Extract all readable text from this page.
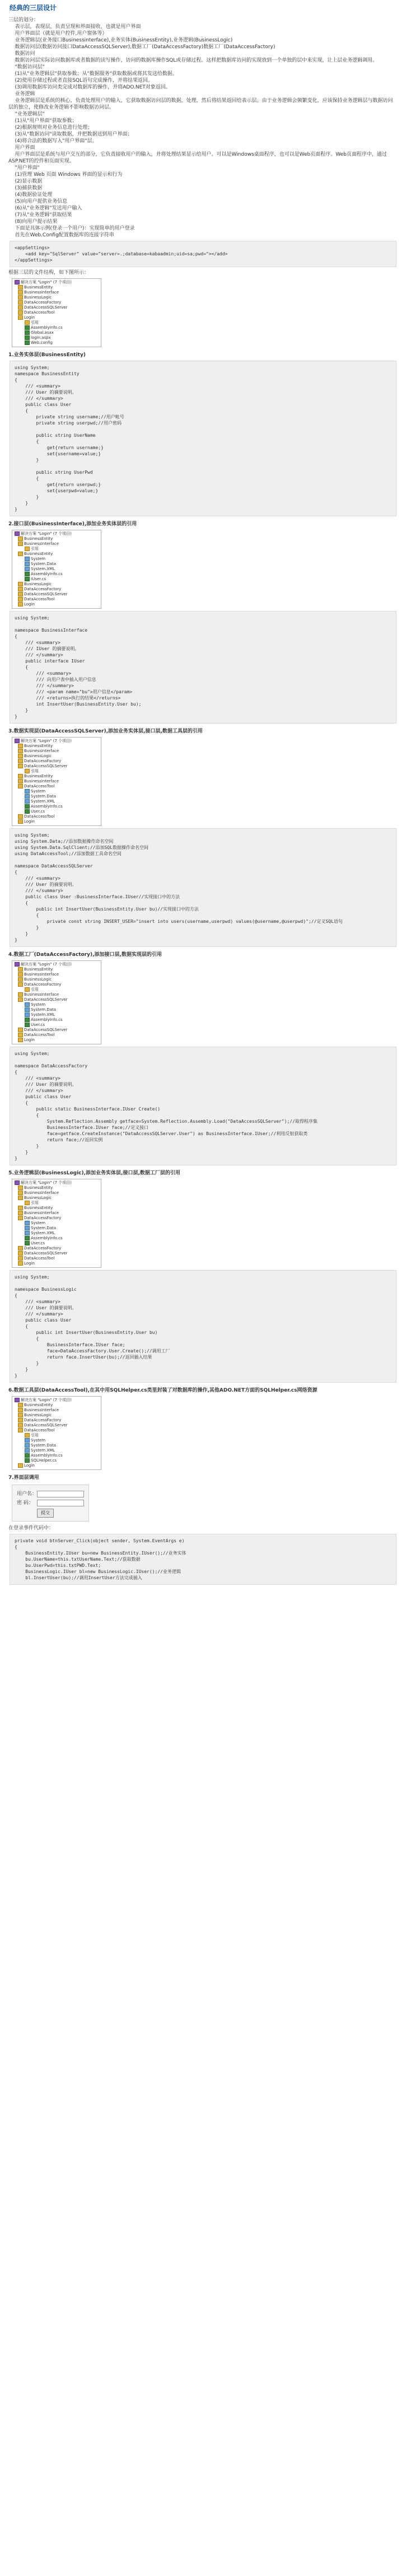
经典的三层设计
三层的划分：
表示层，表现层，负责呈现和界面接收，也就是用户界面
用户界面层（就是用户控件,用户窗体等）
业务逻辑层(业务接口Businessinterface),业务实体(BusinessEntity),业务逻辑(BusinessLogic)
数据访问层(数据访问接口DataAccessSQLServer),数据工厂(DataAccessFactory)数据工厂(DataAccessFactory)
数据访问
数据访问层实际访问数据库或者数据的读写操作，访问的数据库操作SQL或存储过程。这样把数据库访问的实现放到一个单独的层中来实现，让上层业务逻辑调用。
"数据访问层"
(1)从"业务逻辑层"获取参数；从"数据服务"获取数据或将其发送给数据。
(2)使用存储过程或者直接SQL语句完成操作，并将结果返回。
(3)调用数据库访问类完成对数据库的操作，并将ADO.NET对象返回。
业务逻辑
业务逻辑层是系统的核心，负责处理用户的输入，它获取数据访问层的数据，处理，然后将结果返回给表示层。由于业务逻辑会频繁变化，应该保持业务逻辑层与数据访问层的独立，使修改业务逻辑不影响数据访问层。
"业务逻辑层"
(1)从"用户界面"获取参数；
(2)根据规则对业务信息进行处理；
(3)从"数据访问"读取数据，并把数据送到用户界面；
(4)将合法的数据写入"用户界面"层。
用户界面
用户界面层是系统与用户交互的部分，它负责接收用户的输入，并将处理结果显示给用户。可以是Windows桌面程序，也可以是Web页面程序。Web页面程序中，通过ASP.NET的控件和页面实现。
"用户界面"
(1)管理 Web 页面 Windows 界面的显示和行为
(2)显示数据
(3)捕获数据
(4)数据验证处理
(5)向用户提供业务信息
(6)从"业务逻辑"发送用户输入
(7)从"业务逻辑"获取结果
(8)向用户提示结果
下面是具体示例(登录一个用户)：实现简单的用户登录
首先在Web.Config配置数据库的连接字符串
<appSettings>
<add key="SqlServer" value="server=.;database=kabaadmin;uid=sa;pwd="></add>
</appSettings>
根据三层的文件结构，如下图所示：
解决方案 "Login" (7 个项目)
BusinessEntity
BusinessInterface
BusinessLogic
DataAccessFactory
DataAccessSQLServer
DataAccessTool
Login
引用
AssemblyInfo.cs
Global.asax
login.aspx
Web.config
1.业务实体层(BusinessEntity)
using System;
namespace BusinessEntity
{
/// <summary>
/// User 的摘要说明。
/// </summary>
public class User
{
private string username;//用户帐号
private string userpwd;//用户密码

public string UserName
{
get{return username;}
set{username=value;}
}

public string UserPwd
{
get{return userpwd;}
set{userpwd=value;}
}
}
}
2.接口层(BusinessInterface),添加业务实体层的引用
解决方案 "Login" (7 个项目)
BusinessEntity
BusinessInterface
引用
BusinessEntity
System
System.Data
System.XML
AssemblyInfo.cs
IUser.cs
BusinessLogic
DataAccessFactory
DataAccessSQLServer
DataAccessTool
Login
using System;

namespace BusinessInterface
{
/// <summary>
/// IUser 的摘要说明。
/// </summary>
public interface IUser
{
/// <summary>
/// 向用户表中插入用户信息
/// </summary>
/// <param name="bu">用户信息</param>
/// <returns>执行的结果</returns>
int InsertUser(BusinessEntity.User bu);
}
}
3.数据实现层(DataAccessSQLServer),添加业务实体层,接口层,数据工具层的引用
解决方案 "Login" (7 个项目)
BusinessEntity
BusinessInterface
BusinessLogic
DataAccessFactory
DataAccessSQLServer
引用
BusinessEntity
BusinessInterface
DataAccessTool
System
System.Data
System.XML
AssemblyInfo.cs
User.cs
DataAccessTool
Login
using System;
using System.Data;//添加数据操作命名空间
using System.Data.SqlClient;//添加SQL数据操作命名空间
using DataAccessTool;//添加数据工具命名空间

namespace DataAccessSQLServer
{
/// <summary>
/// User 的摘要说明。
/// </summary>
public class User :BusinessInterface.IUser//实现接口中的方法
{
public int InsertUser(BusinessEntity.User bu)//实现接口中的方法
{
private const string INSERT_USER="insert into users(username,userpwd) values(@username,@userpwd)";//定义SQL语句
}
}
}
4.数据工厂(DataAccessFactory),添加接口层,数据实现层的引用
解决方案 "Login" (7 个项目)
BusinessEntity
BusinessInterface
BusinessLogic
DataAccessFactory
引用
BusinessInterface
DataAccessSQLServer
System
System.Data
System.XML
AssemblyInfo.cs
User.cs
DataAccessSQLServer
DataAccessTool
Login
using System;

namespace DataAccessFactory
{
/// <summary>
/// User 的摘要说明。
/// </summary>
public class User
{
public static BusinessInterface.IUser Create()
{
System.Reflection.Assembly getface=System.Reflection.Assembly.Load("DataAccessSQLServer");//取得程序集
BusinessInterface.IUser face;//定义接口
face=getface.CreateInstance("DataAccessSQLServer.User") as BusinessInterface.IUser;//利用反射获取类
return face;//返回实例
}
}
}
5.业务逻辑层(BusinessLogic),添加业务实体层,接口层,数据工厂层的引用
解决方案 "Login" (7 个项目)
BusinessEntity
BusinessInterface
BusinessLogic
引用
BusinessEntity
BusinessInterface
DataAccessFactory
System
System.Data
System.XML
AssemblyInfo.cs
User.cs
DataAccessFactory
DataAccessSQLServer
DataAccessTool
Login
using System;

namespace BusinessLogic
{
/// <summary>
/// User 的摘要说明。
/// </summary>
public class User
{
public int InsertUser(BusinessEntity.User bu)
{
BusinessInterface.IUser face;
face=DataAccessFactory.User.Create();//调用工厂
return face.InsertUser(bu);//返回插入结果
}
}
}
6.数据工具层(DataAccessTool),在其中用SQLHelper.cs类里封装了对数据库的操作,其他ADO.NET方面的SQLHelper.cs网络资源
解决方案 "Login" (7 个项目)
BusinessEntity
BusinessInterface
BusinessLogic
DataAccessFactory
DataAccessSQLServer
DataAccessTool
引用
System
System.Data
System.XML
AssemblyInfo.cs
SQLHelper.cs
Login
7.界面层调用
用户名：
密 码：
提交
在登录事件代码中：
private void btnServer_Click(object sender, System.EventArgs e)
{
BusinessEntity.IUser bu=new BusinessEntity.IUser();//业务实体
bu.UserName=this.txtUserName.Text;//获取数据
bu.UserPwd=this.txtPWD.Text;
BusinessLogic.IUser bl=new BusinessLogic.IUser();//业务逻辑
bl.InsertUser(bu);//调用InsertUser方法完成插入
